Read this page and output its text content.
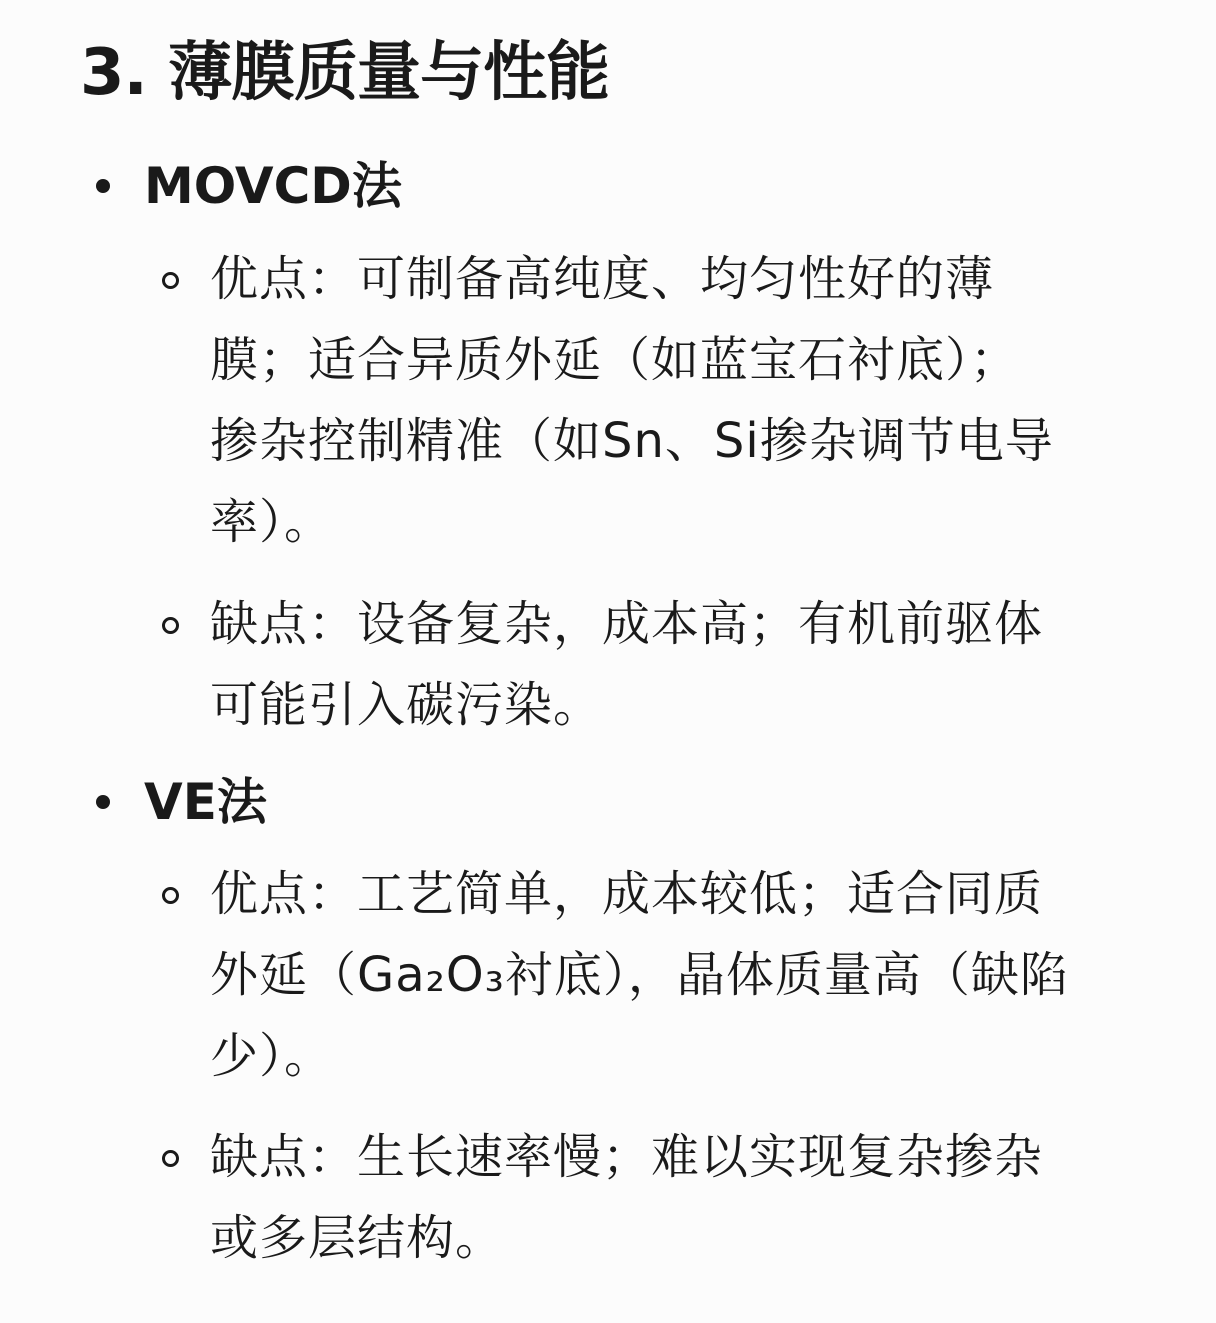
3. 薄膜质量与性能
MOVCD法
优点：可制备高纯度、均匀性好的薄
膜；适合异质外延（如蓝宝石衬底）；
掺杂控制精准（如Sn、Si掺杂调节电导
率）。
缺点：设备复杂，成本高；有机前驱体
可能引入碳污染。
VE法
优点：工艺简单，成本较低；适合同质
外延（Ga₂O₃衬底），晶体质量高（缺陷
少）。
缺点：生长速率慢；难以实现复杂掺杂
或多层结构。
